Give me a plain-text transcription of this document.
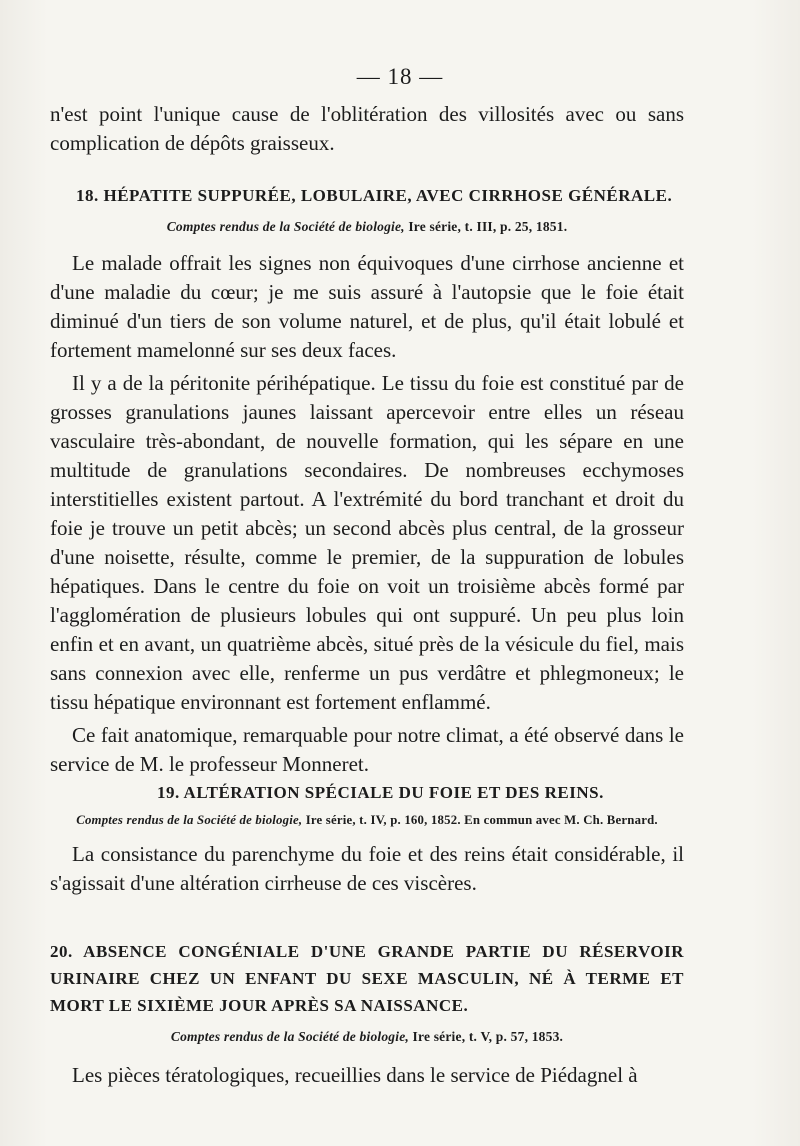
— 18 —

n'est point l'unique cause de l'oblitération des villosités avec ou sans complication de dépôts graisseux.

18. HÉPATITE SUPPURÉE, LOBULAIRE, AVEC CIRRHOSE GÉNÉRALE.
Comptes rendus de la Société de biologie, Ire série, t. III, p. 25, 1851.

Le malade offrait les signes non équivoques d'une cirrhose ancienne et d'une maladie du cœur; je me suis assuré à l'autopsie que le foie était diminué d'un tiers de son volume naturel, et de plus, qu'il était lobulé et fortement mamelonné sur ses deux faces.

Il y a de la péritonite périhépatique. Le tissu du foie est constitué par de grosses granulations jaunes laissant apercevoir entre elles un réseau vasculaire très-abondant, de nouvelle formation, qui les sépare en une multitude de granulations secondaires. De nombreuses ecchymoses interstitielles existent partout. A l'extrémité du bord tranchant et droit du foie je trouve un petit abcès; un second abcès plus central, de la grosseur d'une noisette, résulte, comme le premier, de la suppuration de lobules hépatiques. Dans le centre du foie on voit un troisième abcès formé par l'agglomération de plusieurs lobules qui ont suppuré. Un peu plus loin enfin et en avant, un quatrième abcès, situé près de la vésicule du fiel, mais sans connexion avec elle, renferme un pus verdâtre et phlegmoneux; le tissu hépatique environnant est fortement enflammé.

Ce fait anatomique, remarquable pour notre climat, a été observé dans le service de M. le professeur Monneret.

19. ALTÉRATION SPÉCIALE DU FOIE ET DES REINS.
Comptes rendus de la Société de biologie, Ire série, t. IV, p. 160, 1852. En commun avec M. Ch. Bernard.

La consistance du parenchyme du foie et des reins était considérable, il s'agissait d'une altération cirrheuse de ces viscères.

20. ABSENCE CONGÉNIALE D'UNE GRANDE PARTIE DU RÉSERVOIR URINAIRE CHEZ UN ENFANT DU SEXE MASCULIN, NÉ À TERME ET MORT LE SIXIÈME JOUR APRÈS SA NAISSANCE.
Comptes rendus de la Société de biologie, Ire série, t. V, p. 57, 1853.

Les pièces tératologiques, recueillies dans le service de Piédagnel à
